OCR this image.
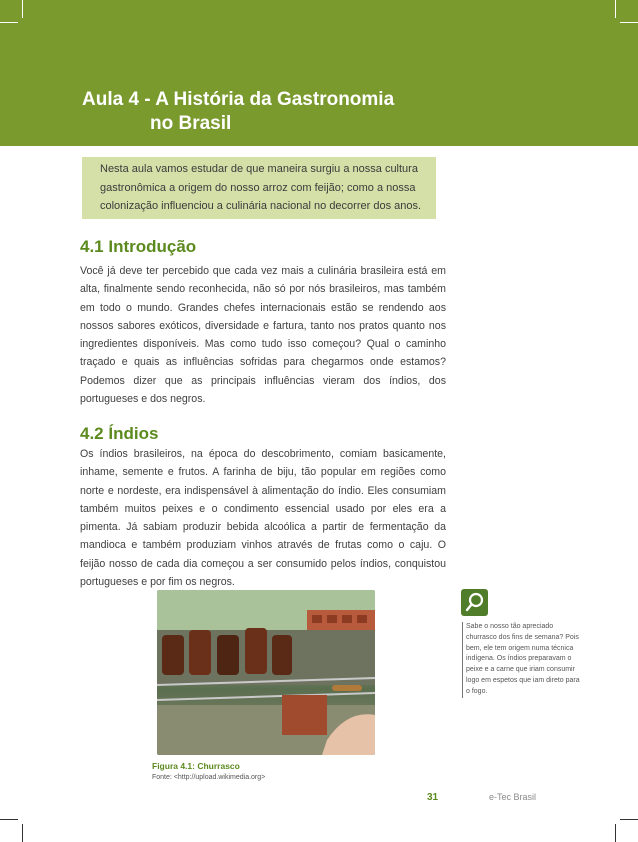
Aula 4 - A História da Gastronomia
no Brasil
Nesta aula vamos estudar de que maneira surgiu a nossa cultura
gastronômica a origem do nosso arroz com feijão; como a nossa
colonização influenciou a culinária nacional no decorrer dos anos.
4.1 Introdução
Você já deve ter percebido que cada vez mais a culinária brasileira está em alta, finalmente sendo reconhecida, não só por nós brasileiros, mas também em todo o mundo. Grandes chefes internacionais estão se rendendo aos nossos sabores exóticos, diversidade e fartura, tanto nos pratos quanto nos ingredientes disponíveis. Mas como tudo isso começou? Qual o caminho traçado e quais as influências sofridas para chegarmos onde estamos? Podemos dizer que as principais influências vieram dos índios, dos portugueses e dos negros.
4.2 Índios
Os índios brasileiros, na época do descobrimento, comiam basicamente, inhame, semente e frutos. A farinha de biju, tão popular em regiões como norte e nordeste, era indispensável à alimentação do índio. Eles consumiam também muitos peixes e o condimento essencial usado por eles era a pimenta. Já sabiam produzir bebida alcoólica a partir de fermentação da mandioca e também produziam vinhos através de frutas como o caju. O feijão nosso de cada dia começou a ser consumido pelos índios, conquistou portugueses e por fim os negros.
Figura 4.1: Churrasco
Fonte: <http://upload.wikimedia.org>
Sabe o nosso tão apreciado churrasco dos fins de semana? Pois bem, ele tem origem numa técnica indígena. Os índios preparavam o peixe e a carne que iriam consumir logo em espetos que iam direto para o fogo.
31	e-Tec Brasil
